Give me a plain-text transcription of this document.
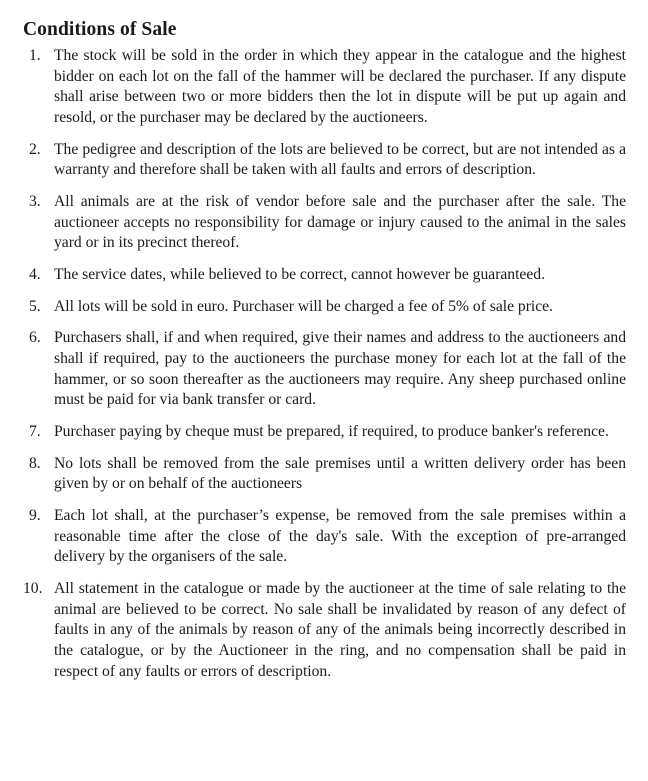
Conditions of Sale
1. The stock will be sold in the order in which they appear in the catalogue and the highest bidder on each lot on the fall of the hammer will be declared the purchaser. If any dispute shall arise between two or more bidders then the lot in dispute will be put up again and resold, or the purchaser may be declared by the auctioneers.
2. The pedigree and description of the lots are believed to be correct, but are not intended as a warranty and therefore shall be taken with all faults and errors of description.
3. All animals are at the risk of vendor before sale and the purchaser after the sale. The auctioneer accepts no responsibility for damage or injury caused to the animal in the sales yard or in its precinct thereof.
4. The service dates, while believed to be correct, cannot however be guaranteed.
5. All lots will be sold in euro. Purchaser will be charged a fee of 5% of sale price.
6. Purchasers shall, if and when required, give their names and address to the auctioneers and shall if required, pay to the auctioneers the purchase money for each lot at the fall of the hammer, or so soon thereafter as the auctioneers may require. Any sheep purchased online must be paid for via bank transfer or card.
7. Purchaser paying by cheque must be prepared, if required, to produce banker's reference.
8. No lots shall be removed from the sale premises until a written delivery order has been given by or on behalf of the auctioneers
9. Each lot shall, at the purchaser’s expense, be removed from the sale premises within a reasonable time after the close of the day's sale. With the exception of pre-arranged delivery by the organisers of the sale.
10. All statement in the catalogue or made by the auctioneer at the time of sale relating to the animal are believed to be correct. No sale shall be invalidated by reason of any defect of faults in any of the animals by reason of any of the animals being incorrectly described in the catalogue, or by the Auctioneer in the ring, and no compensation shall be paid in respect of any faults or errors of description.
